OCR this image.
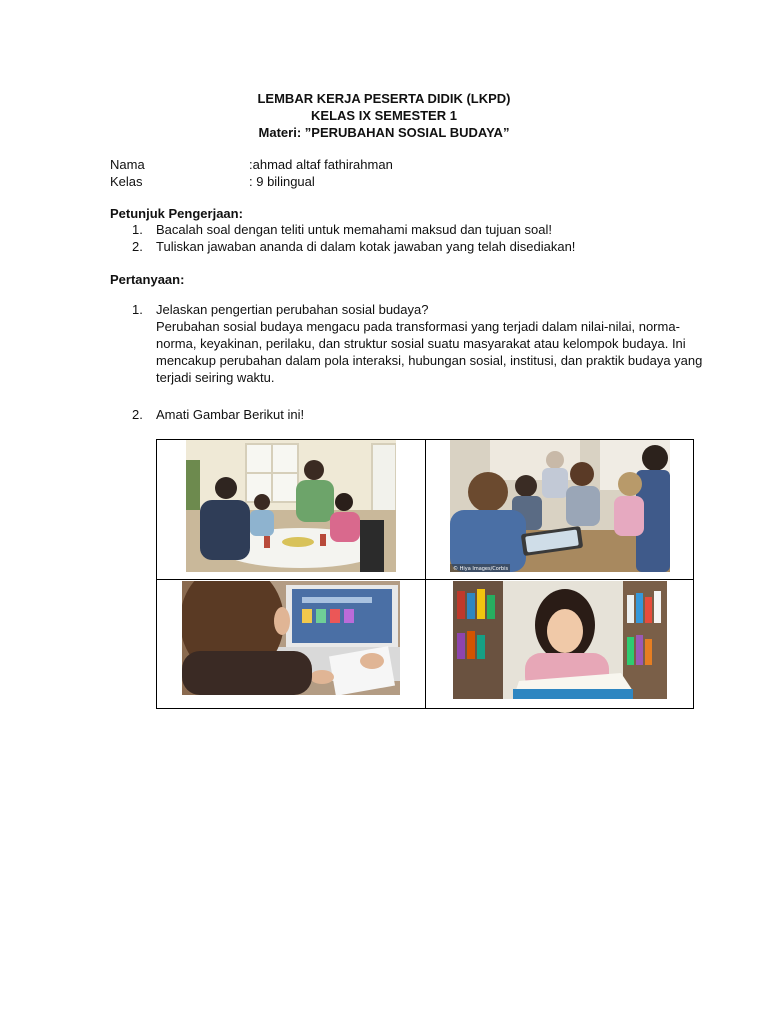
LEMBAR KERJA PESERTA DIDIK (LKPD)
KELAS IX SEMESTER 1
Materi: ”PERUBAHAN SOSIAL BUDAYA”
Nama	:ahmad altaf fathirahman
Kelas	: 9 bilingual
Petunjuk Pengerjaan:
1. Bacalah soal dengan teliti untuk memahami maksud dan tujuan soal!
2. Tuliskan jawaban ananda di dalam kotak jawaban yang telah disediakan!
Pertanyaan:
1. Jelaskan pengertian perubahan sosial budaya?
Perubahan sosial budaya mengacu pada transformasi yang terjadi dalam nilai-nilai, norma-norma, keyakinan, perilaku, dan struktur sosial suatu masyarakat atau kelompok budaya. Ini mencakup perubahan dalam pola interaksi, hubungan sosial, institusi, dan praktik budaya yang terjadi seiring waktu.
2. Amati Gambar Berikut ini!
© Hiya Images/Corbis
